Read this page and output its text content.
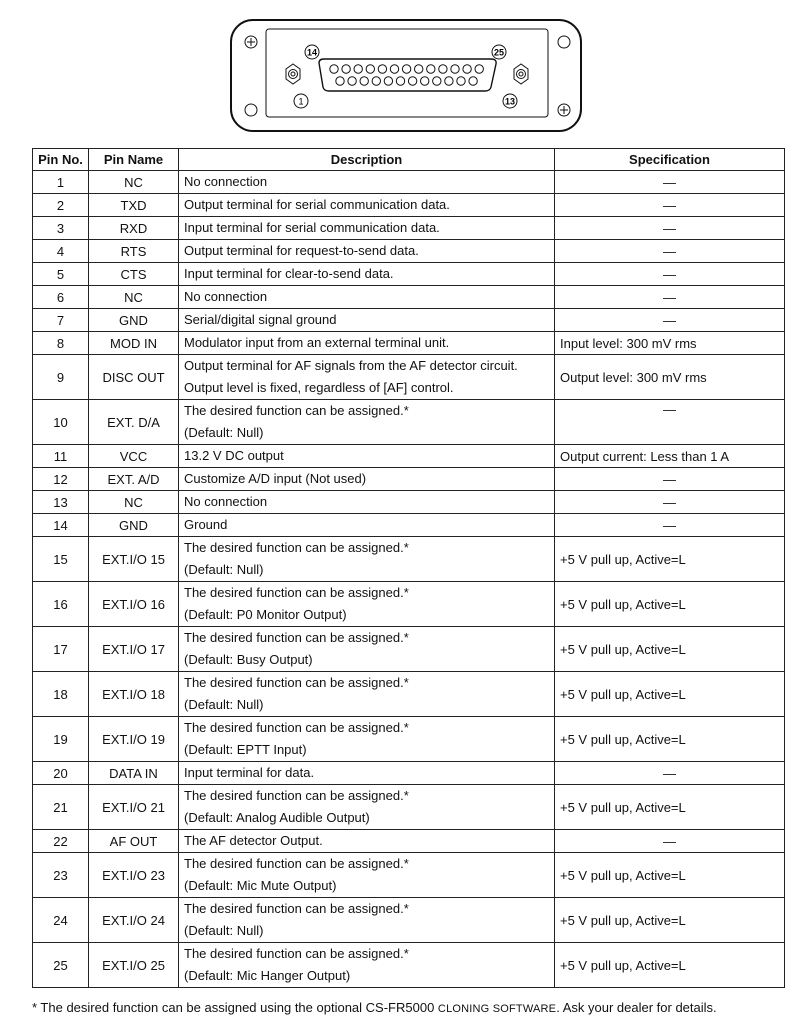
14	25
1	13
Pin No.	Pin Name	Description	Specification
1	NC	No connection	—
2	TXD	Output terminal for serial communication data.	—
3	RXD	Input terminal for serial communication data.	—
4	RTS	Output terminal for request-to-send data.	—
5	CTS	Input terminal for clear-to-send data.	—
6	NC	No connection	—
7	GND	Serial/digital signal ground	—
8	MOD IN	Modulator input from an external terminal unit.	Input level: 300 mV rms
9	DISC OUT	Output terminal for AF signals from the AF detector circuit.
Output level is fixed, regardless of [AF] control.	Output level: 300 mV rms
10	EXT. D/A	The desired function can be assigned.*
(Default: Null)	—
11	VCC	13.2 V DC output	Output current: Less than 1 A
12	EXT. A/D	Customize A/D input (Not used)	—
13	NC	No connection	—
14	GND	Ground	—
15	EXT.I/O 15	The desired function can be assigned.*
(Default: Null)	+5 V pull up, Active=L
16	EXT.I/O 16	The desired function can be assigned.*
(Default: P0 Monitor Output)	+5 V pull up, Active=L
17	EXT.I/O 17	The desired function can be assigned.*
(Default: Busy Output)	+5 V pull up, Active=L
18	EXT.I/O 18	The desired function can be assigned.*
(Default: Null)	+5 V pull up, Active=L
19	EXT.I/O 19	The desired function can be assigned.*
(Default: EPTT Input)	+5 V pull up, Active=L
20	DATA IN	Input terminal for data.	—
21	EXT.I/O 21	The desired function can be assigned.*
(Default: Analog Audible Output)	+5 V pull up, Active=L
22	AF OUT	The AF detector Output.	—
23	EXT.I/O 23	The desired function can be assigned.*
(Default: Mic Mute Output)	+5 V pull up, Active=L
24	EXT.I/O 24	The desired function can be assigned.*
(Default: Null)	+5 V pull up, Active=L
25	EXT.I/O 25	The desired function can be assigned.*
(Default: Mic Hanger Output)	+5 V pull up, Active=L
* The desired function can be assigned using the optional CS-FR5000 CLONING SOFTWARE. Ask your dealer for details.
